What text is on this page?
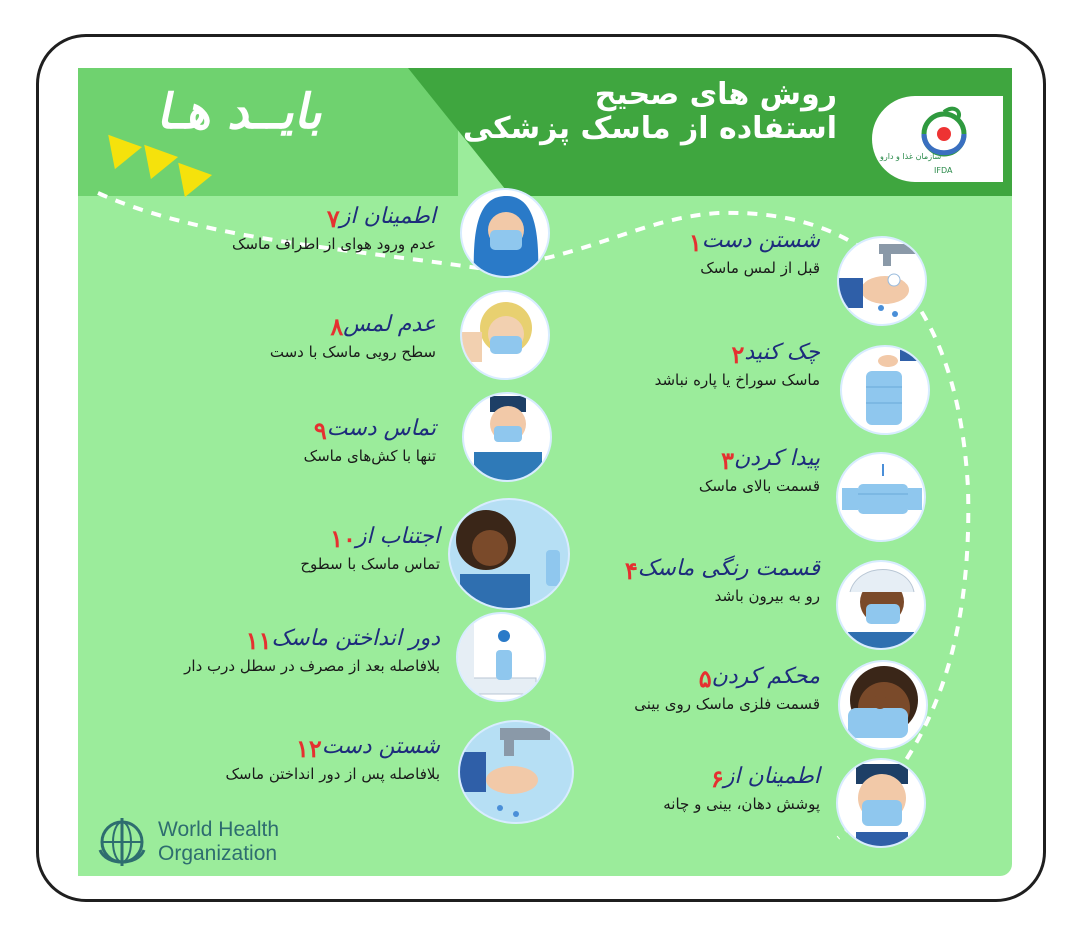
روش های صحیح
استفاده از ماسک پزشکی
IFDA
سازمان غذا و دارو
بایــد هـا
شستن دست۱
قبل از لمس ماسک
چک کنید۲
ماسک سوراخ یا پاره نباشد
پیدا کردن۳
قسمت بالای ماسک
قسمت رنگی ماسک۴
رو به بیرون باشد
محکم کردن۵
قسمت فلزی ماسک روی بینی
اطمینان از۶
پوشش دهان، بینی و چانه
اطمینان از۷
عدم ورود هوای از اطراف ماسک
عدم لمس۸
سطح رویی ماسک با دست
تماس دست۹
تنها با کش‌های ماسک
اجتناب از۱۰
تماس ماسک با سطوح
دور انداختن ماسک۱۱
بلافاصله بعد از مصرف در سطل درب دار
شستن دست۱۲
بلافاصله پس از دور انداختن ماسک
World Health
Organization
